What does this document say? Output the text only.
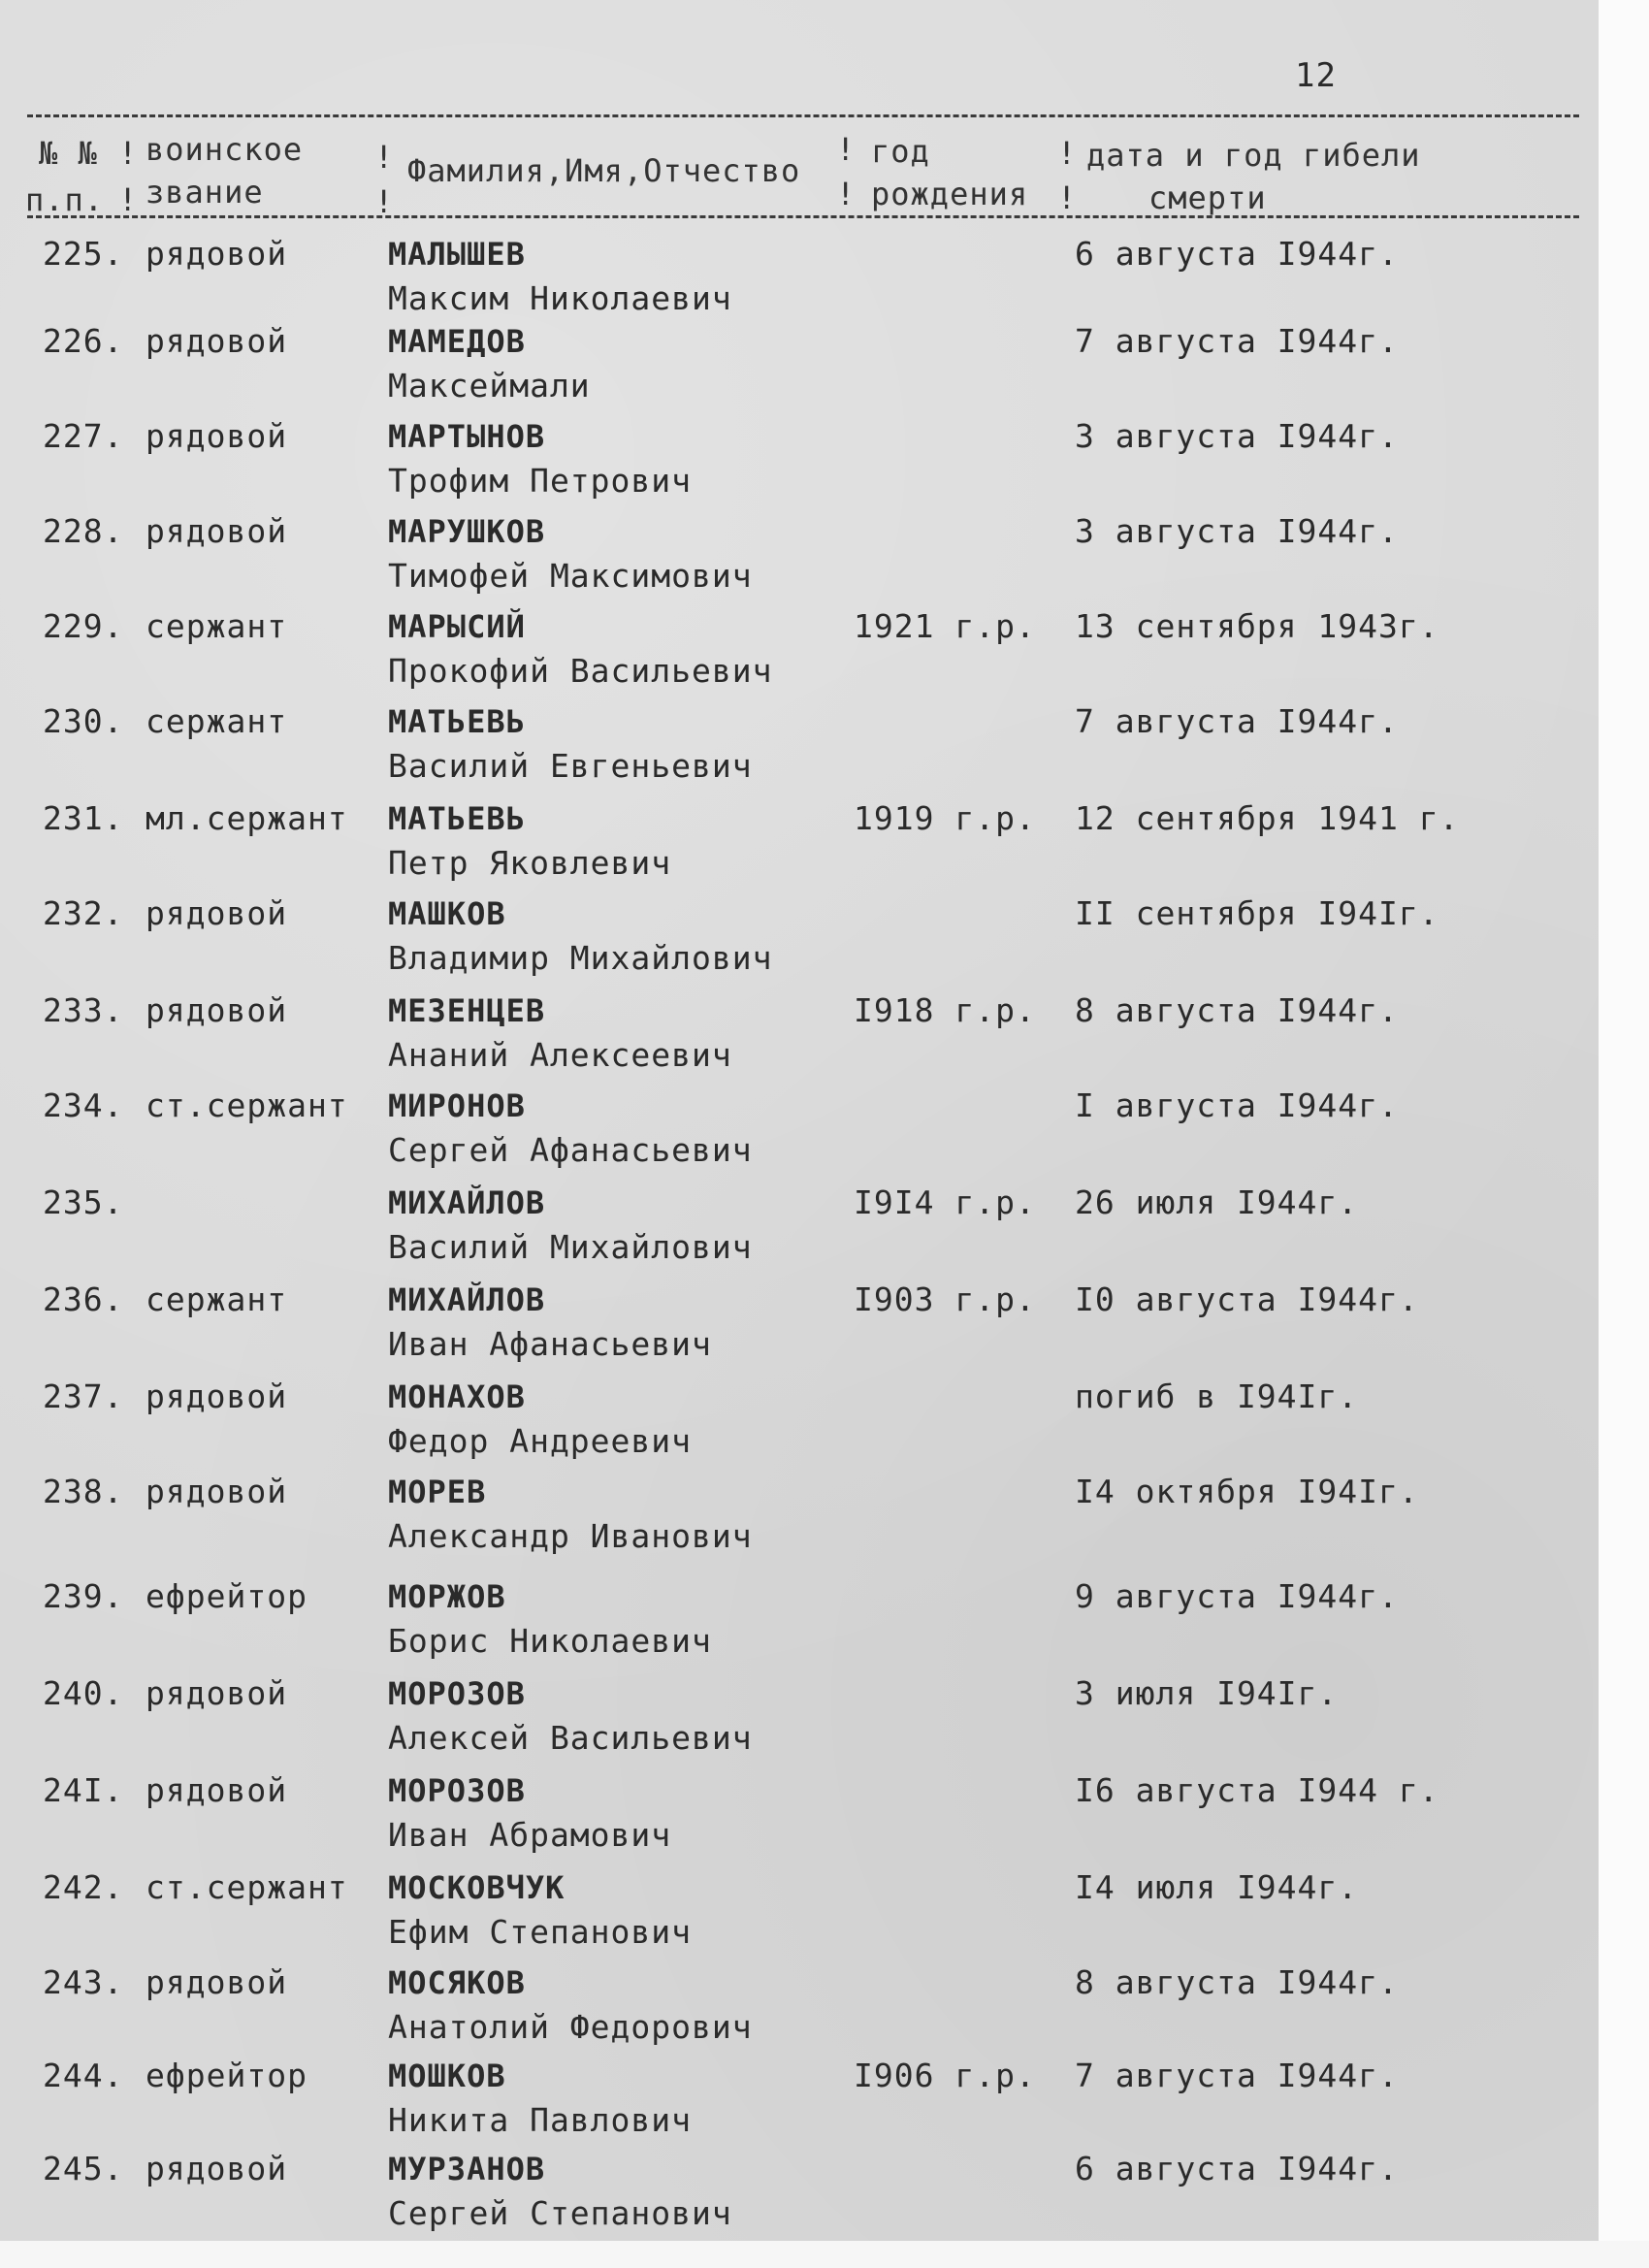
12
№ №
п.п.
!
!
воинское
звание
!
!
Фамилия,Имя,Отчество
!
!
год
рождения
!
!
дата и год гибели
смерти
225. рядовой	МАЛЫШЕВ
Максим Николаевич
6 августа I944г.
226. рядовой	МАМЕДОВ
Максеймали
7 августа I944г.
227. рядовой	МАРТЫНОВ
Трофим Петрович
3 августа I944г.
228. рядовой	МАРУШКОВ
Тимофей Максимович
3 августа I944г.
229. сержант	МАРЫСИЙ
Прокофий Васильевич
1921 г.р. 13 сентября 1943г.
230. сержант	МАТЬЕВЬ
Василий Евгеньевич
7 августа I944г.
231. мл.сержант МАТЬЕВЬ
Петр Яковлевич
1919 г.р. 12 сентября 1941 г.
232. рядовой	МАШКОВ
Владимир Михайлович
II сентября I94Iг.
233. рядовой	МЕЗЕНЦЕВ
Ананий Алексеевич
I918 г.р. 8 августа I944г.
234. ст.сержант МИРОНОВ
Сергей Афанасьевич
I августа I944г.
235.	МИХАЙЛОВ
Василий Михайлович
I9I4 г.р. 26 июля I944г.
236. сержант	МИХАЙЛОВ
Иван Афанасьевич
I903 г.р. I0 августа I944г.
237. рядовой	МОНАХОВ
Федор Андреевич
погиб в I94Iг.
238. рядовой	МОРЕВ
Александр Иванович
I4 октября I94Iг.
239. ефрейтор	МОРЖОВ
Борис Николаевич
9 августа I944г.
240. рядовой	МОРОЗОВ
Алексей Васильевич
3 июля I94Iг.
24I. рядовой	МОРОЗОВ
Иван Абрамович
I6 августа I944 г.
242. ст.сержант МОСКОВЧУК
Ефим Степанович
I4 июля I944г.
243. рядовой	МОСЯКОВ
Анатолий Федорович
8 августа I944г.
244. ефрейтор	МОШКОВ
Никита Павлович
I906 г.р. 7 августа I944г.
245. рядовой	МУРЗАНОВ
Сергей Степанович
6 августа I944г.
